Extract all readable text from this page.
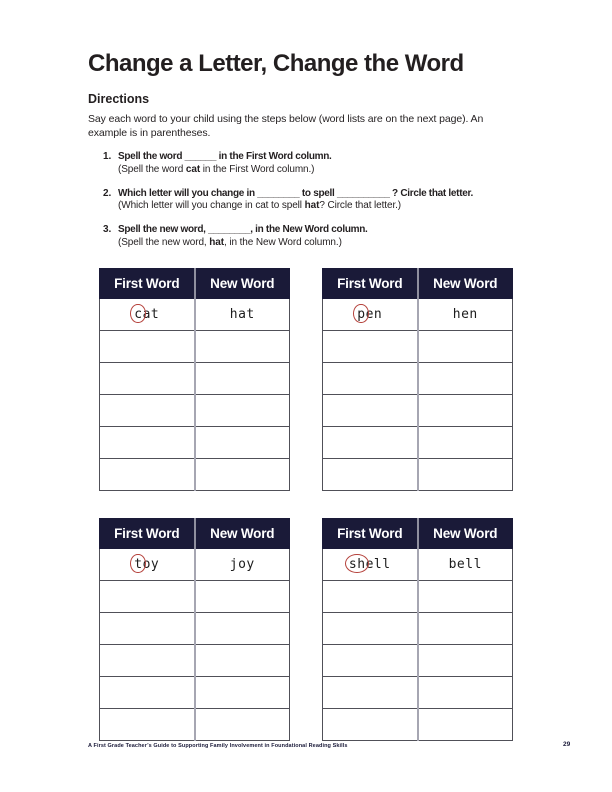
Change a Letter, Change the Word
Directions
Say each word to your child using the steps below (word lists are on the next page). An
example is in parentheses.
1. Spell the word ______ in the First Word column.
(Spell the word cat in the First Word column.)
2. Which letter will you change in ________ to spell __________ ? Circle that letter.
(Which letter will you change in cat to spell hat? Circle that letter.)
3. Spell the new word, ________, in the New Word column.
(Spell the new word, hat, in the New Word column.)
First Word	New Word
cat	hat

First Word	New Word
pen	hen

First Word	New Word
toy	joy

First Word	New Word
shell	bell

A First Grade Teacher’s Guide to Supporting Family Involvement in Foundational Reading Skills	29
